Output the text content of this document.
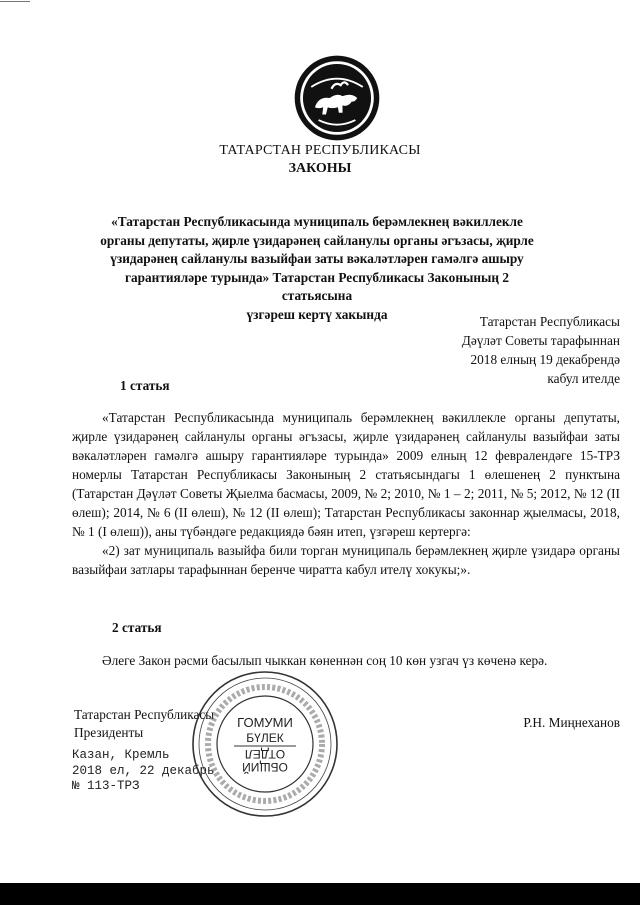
ТАТАРСТАН РЕСПУБЛИКАСЫ
ЗАКОНЫ
«Татарстан Республикасында муниципаль берәмлекнең вәкиллекле
органы депутаты, җирле үзидарәнең сайланулы органы әгъзасы, җирле
үзидарәнең сайланулы вазыйфаи заты вәкаләтләрен гамәлгә ашыру
гарантияләре турында» Татарстан Республикасы Законының 2 статьясына
үзгәреш кертү хакында	Татарстан Республикасы
Дәүләт Советы тарафыннан
2018 елның 19 декабрендә
кабул ителде
1 статья

«Татарстан Республикасында муниципаль берәмлекнең вәкиллекле органы депутаты, җирле үзидарәнең сайланулы органы әгъзасы, җирле үзидарәнең сайланулы вазыйфаи заты вәкаләтләрен гамәлгә ашыру гарантияләре турында» 2009 елның 12 февралендәге 15-ТРЗ номерлы Татарстан Республикасы Законының 2 статьясындагы 1 өлешенең 2 пунктына (Татарстан Дәүләт Советы Җыелма басмасы, 2009, № 2; 2010, № 1 – 2; 2011, № 5; 2012, № 12 (II өлеш); 2014, № 6 (II өлеш), № 12 (II өлеш); Татарстан Республикасы законнар җыелмасы, 2018, № 1 (I өлеш)), аны түбәндәге редакциядә бәян итеп, үзгәреш кертергә:

«2) зат муниципаль вазыйфа били торган муниципаль берәмлекнең җирле үзидарә органы вазыйфаи затлары тарафыннан беренче чиратта кабул ителү хокукы;».

2 статья

Әлеге Закон рәсми басылып чыккан көненнән соң 10 көн узгач үз көченә керә.

Татарстан Республикасы
Президенты
Р.Н. Миңнеханов
Казан, Кремль
2018 ел, 22 декабрь
№ 113-ТРЗ
ГОМУМИ
БҮЛЕК
ОТДЕЛ
ОБЩИЙ
